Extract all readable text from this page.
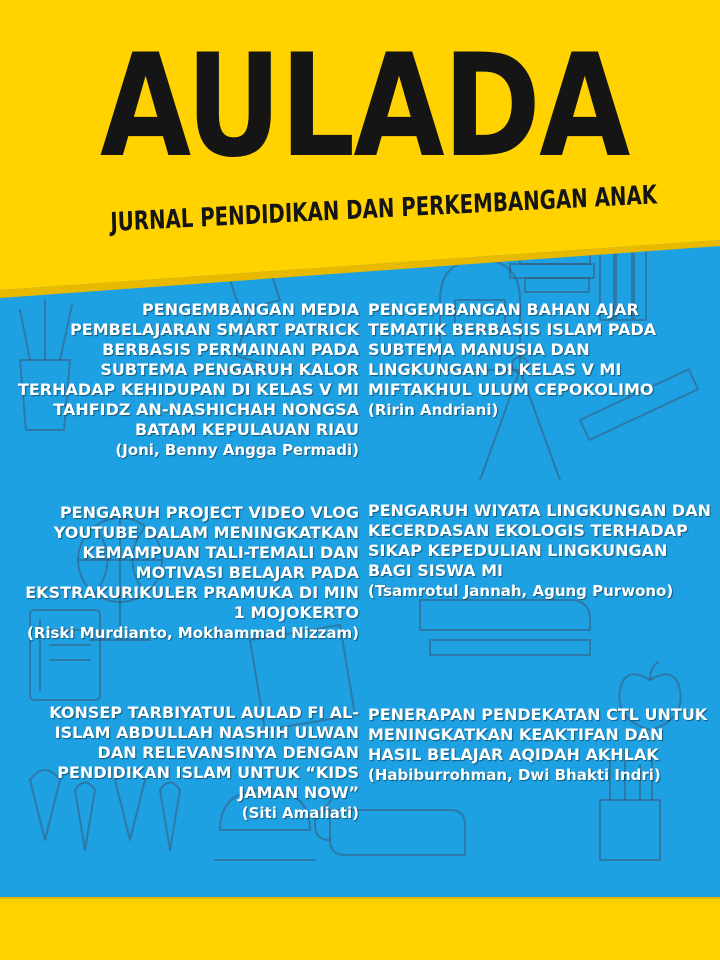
AULADA
JURNAL PENDIDIKAN DAN PERKEMBANGAN ANAK
PENGEMBANGAN MEDIA PEMBELAJARAN SMART PATRICK BERBASIS PERMAINAN PADA SUBTEMA PENGARUH KALOR TERHADAP KEHIDUPAN DI KELAS V MI TAHFIDZ AN-NASHICHAH NONGSA BATAM KEPULAUAN RIAU
(Joni, Benny Angga Permadi)
PENGEMBANGAN BAHAN AJAR TEMATIK BERBASIS ISLAM PADA SUBTEMA MANUSIA DAN LINGKUNGAN DI KELAS V MI MIFTAKHUL ULUM CEPOKOLIMO
(Ririn Andriani)
PENGARUH PROJECT VIDEO VLOG YOUTUBE DALAM MENINGKATKAN KEMAMPUAN TALI-TEMALI DAN MOTIVASI BELAJAR PADA EKSTRAKURIKULER PRAMUKA DI MIN 1 MOJOKERTO
(Riski Murdianto, Mokhammad Nizzam)
PENGARUH WIYATA LINGKUNGAN DAN KECERDASAN EKOLOGIS TERHADAP SIKAP KEPEDULIAN LINGKUNGAN BAGI SISWA MI
(Tsamrotul Jannah, Agung Purwono)
KONSEP TARBIYATUL AULAD FI AL-ISLAM ABDULLAH NASHIH ULWAN DAN RELEVANSINYA DENGAN PENDIDIKAN ISLAM UNTUK “KIDS JAMAN NOW”
(Siti Amaliati)
PENERAPAN PENDEKATAN CTL UNTUK MENINGKATKAN KEAKTIFAN DAN HASIL BELAJAR AQIDAH AKHLAK
(Habiburrohman, Dwi Bhakti Indri)
